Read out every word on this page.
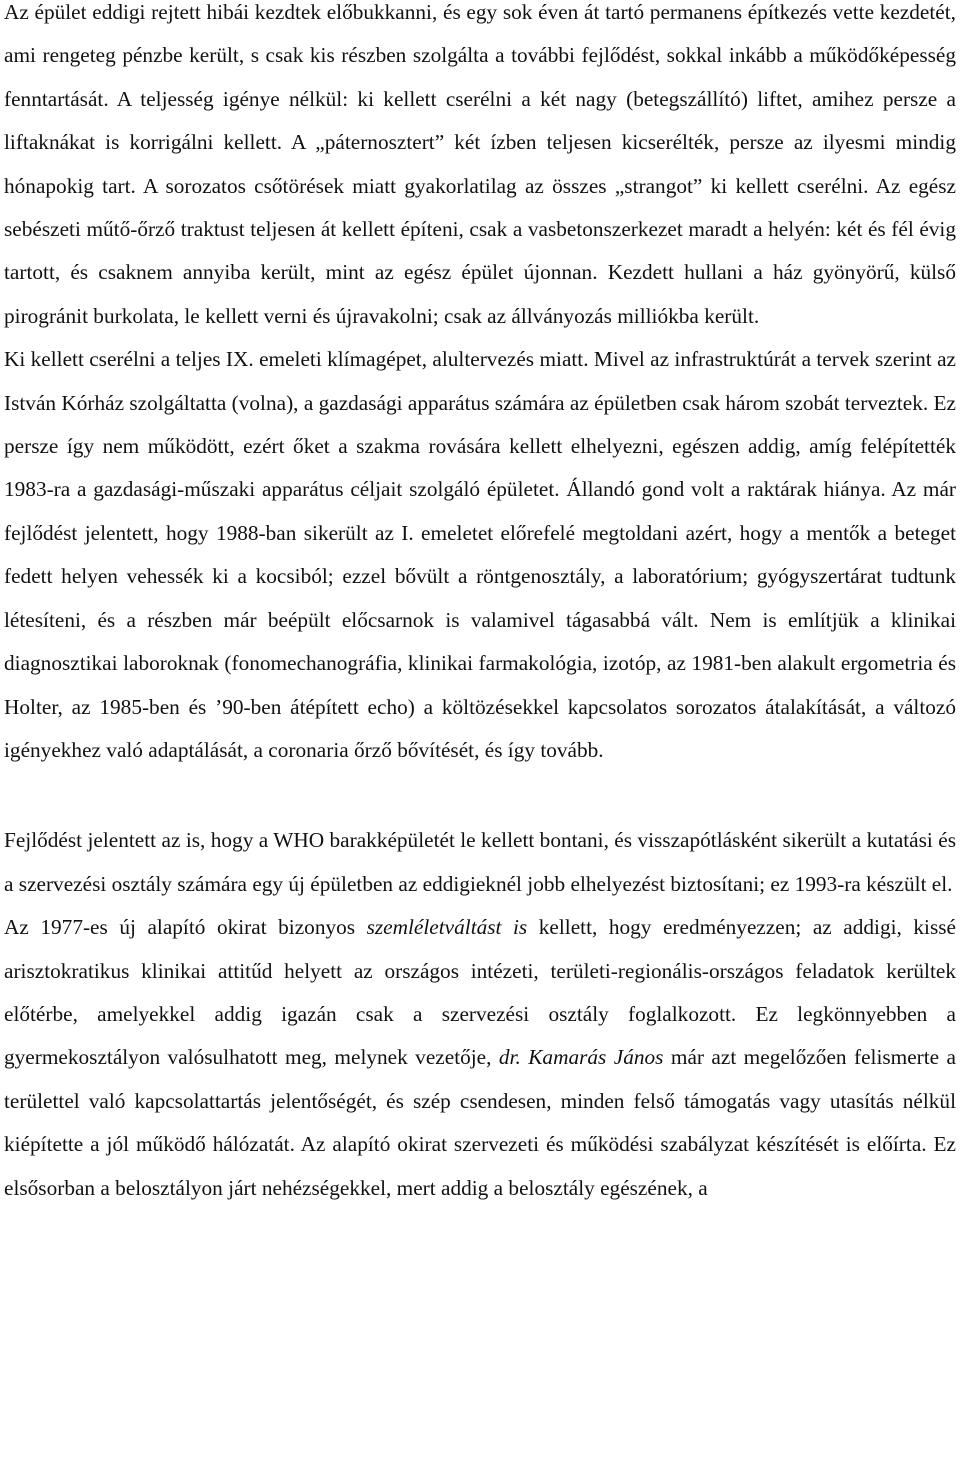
Az épület eddigi rejtett hibái kezdtek előbukkanni, és egy sok éven át tartó permanens építkezés vette kezdetét, ami rengeteg pénzbe került, s csak kis részben szolgálta a további fejlődést, sokkal inkább a működőképesség fenntartását. A teljesség igénye nélkül: ki kellett cserélni a két nagy (betegszállító) liftet, amihez persze a liftaknákat is korrigálni kellett. A „páternosztert” két ízben teljesen kicserélték, persze az ilyesmi mindig hónapokig tart. A sorozatos csőtörések miatt gyakorlatilag az összes „strangot” ki kellett cserélni. Az egész sebészeti műtő-őrző traktust teljesen át kellett építeni, csak a vasbetonszerkezet maradt a helyén: két és fél évig tartott, és csaknem annyiba került, mint az egész épület újonnan. Kezdett hullani a ház gyönyörű, külső pirogránit burkolata, le kellett verni és újravakolni; csak az állványozás milliókba került.

Ki kellett cserélni a teljes IX. emeleti klímagépet, alultervezés miatt. Mivel az infrastruktúrát a tervek szerint az István Kórház szolgáltatta (volna), a gazdasági apparátus számára az épületben csak három szobát terveztek. Ez persze így nem működött, ezért őket a szakma rovására kellett elhelyezni, egészen addig, amíg felépítették 1983-ra a gazdasági-műszaki apparátus céljait szolgáló épületet. Állandó gond volt a raktárak hiánya. Az már fejlődést jelentett, hogy 1988-ban sikerült az I. emeletet előrefelé megtoldani azért, hogy a mentők a beteget fedett helyen vehessék ki a kocsiból; ezzel bővült a röntgenosztály, a laboratórium; gyógyszertárat tudtunk létesíteni, és a részben már beépült előcsarnok is valamivel tágasabbá vált. Nem is említjük a klinikai diagnosztikai laboroknak (fonomechanográfia, klinikai farmakológia, izotóp, az 1981-ben alakult ergometria és Holter, az 1985-ben és ’90-ben átépített echo) a költözésekkel kapcsolatos sorozatos átalakítását, a változó igényekhez való adaptálását, a coronaria őrző bővítését, és így tovább.

Fejlődést jelentett az is, hogy a WHO barakképületét le kellett bontani, és visszapótlásként sikerült a kutatási és a szervezési osztály számára egy új épületben az eddigieknél jobb elhelyezést biztosítani; ez 1993-ra készült el.

Az 1977-es új alapító okirat bizonyos szemléletváltást is kellett, hogy eredményezzen; az addigi, kissé arisztokratikus klinikai attitűd helyett az országos intézeti, területi-regionális-országos feladatok kerültek előtérbe, amelyekkel addig igazán csak a szervezési osztály foglalkozott. Ez legkönnyebben a gyermekosztályon valósulhatott meg, melynek vezetője, dr. Kamarás János már azt megelőzően felismerte a területtel való kapcsolattartás jelentőségét, és szép csendesen, minden felső támogatás vagy utasítás nélkül kiépítette a jól működő hálózatát. Az alapító okirat szervezeti és működési szabályzat készítését is előírta. Ez elsősorban a belosztályon járt nehézségekkel, mert addig a belosztály egészének, a
